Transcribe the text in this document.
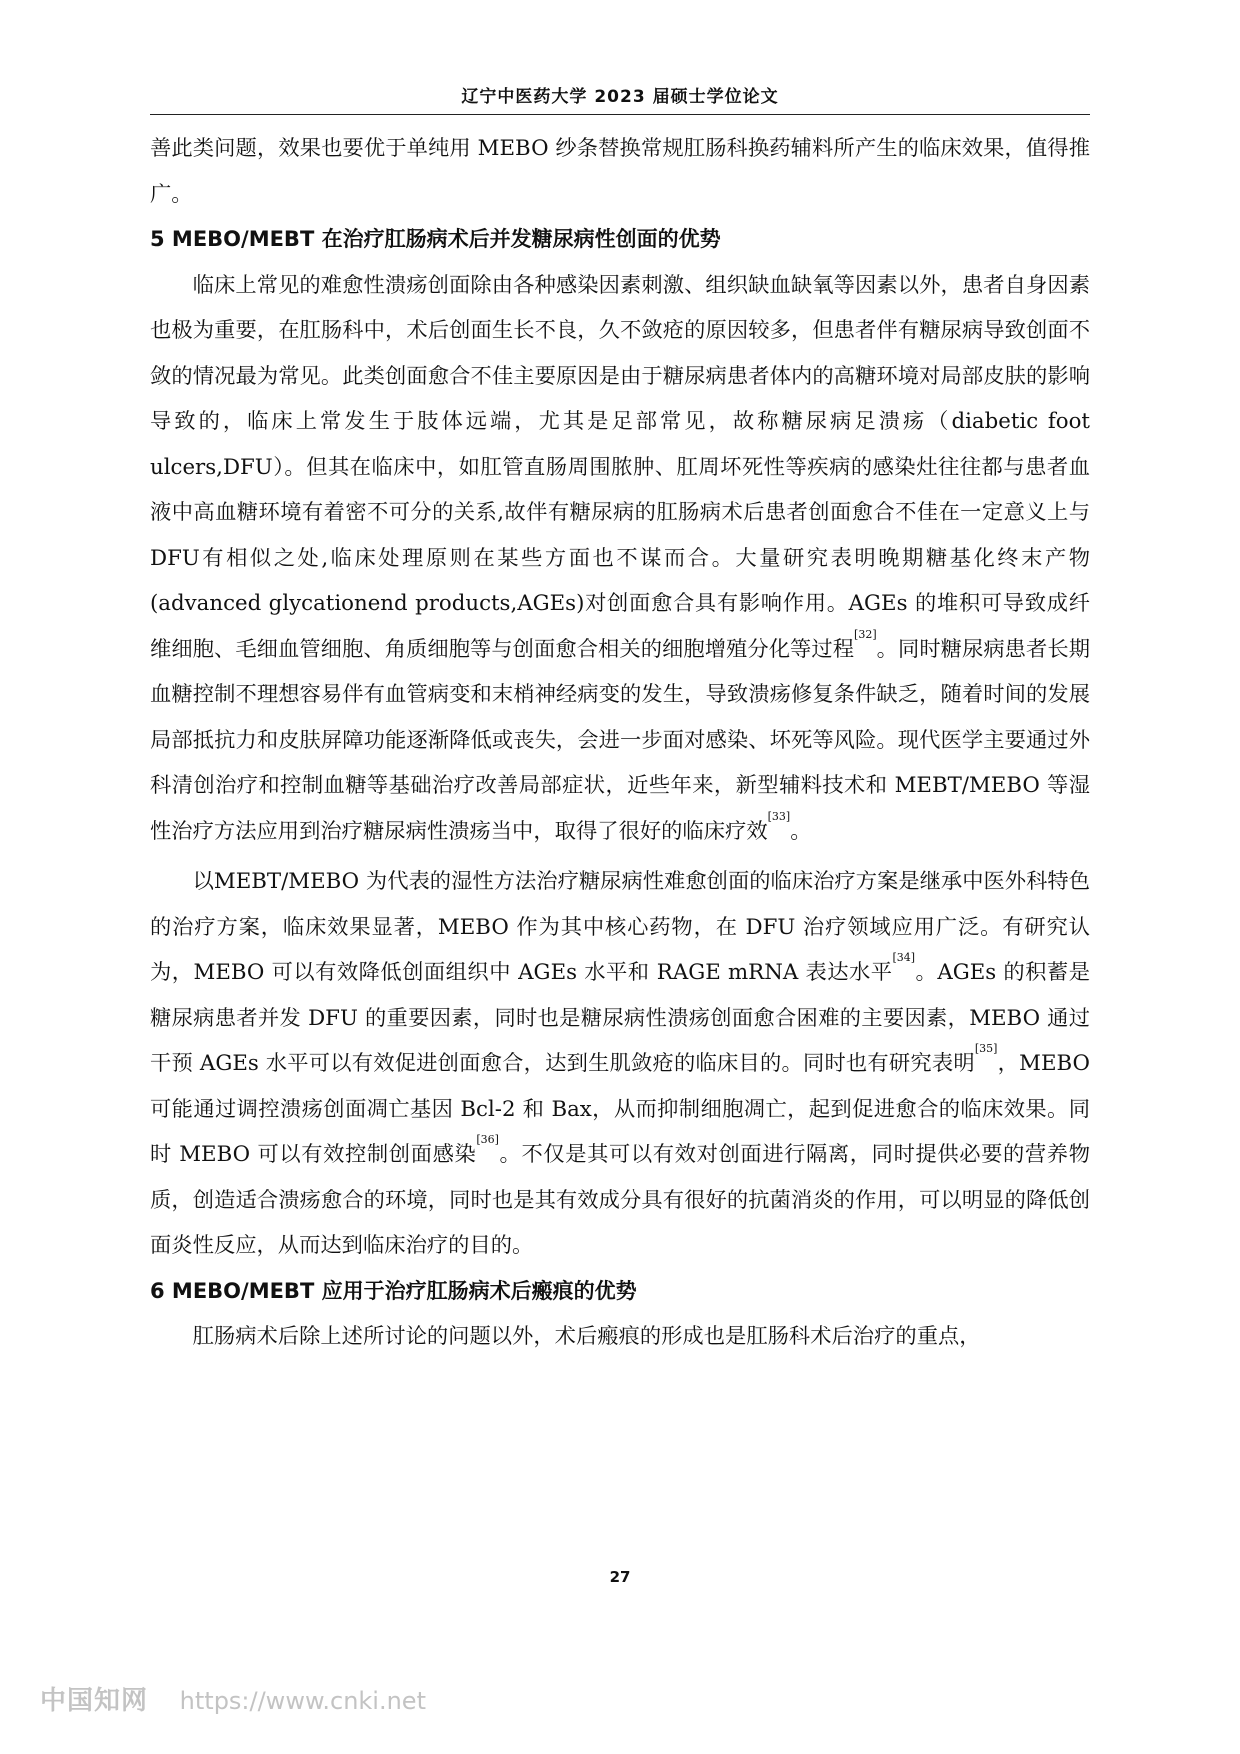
辽宁中医药大学 2023 届硕士学位论文

善此类问题，效果也要优于单纯用 MEBO 纱条替换常规肛肠科换药辅料所产生的临床效果，值得推广。

5 MEBO/MEBT 在治疗肛肠病术后并发糖尿病性创面的优势

临床上常见的难愈性溃疡创面除由各种感染因素刺激、组织缺血缺氧等因素以外，患者自身因素也极为重要，在肛肠科中，术后创面生长不良，久不敛疮的原因较多，但患者伴有糖尿病导致创面不敛的情况最为常见。此类创面愈合不佳主要原因是由于糖尿病患者体内的高糖环境对局部皮肤的影响导致的，临床上常发生于肢体远端，尤其是足部常见，故称糖尿病足溃疡（diabetic foot ulcers,DFU）。但其在临床中，如肛管直肠周围脓肿、肛周坏死性等疾病的感染灶往往都与患者血液中高血糖环境有着密不可分的关系,故伴有糖尿病的肛肠病术后患者创面愈合不佳在一定意义上与DFU有相似之处,临床处理原则在某些方面也不谋而合。大量研究表明晚期糖基化终末产物(advanced glycationend products,AGEs)对创面愈合具有影响作用。AGEs 的堆积可导致成纤维细胞、毛细血管细胞、角质细胞等与创面愈合相关的细胞增殖分化等过程[32]。同时糖尿病患者长期血糖控制不理想容易伴有血管病变和末梢神经病变的发生，导致溃疡修复条件缺乏，随着时间的发展局部抵抗力和皮肤屏障功能逐渐降低或丧失，会进一步面对感染、坏死等风险。现代医学主要通过外科清创治疗和控制血糖等基础治疗改善局部症状，近些年来，新型辅料技术和 MEBT/MEBO 等湿性治疗方法应用到治疗糖尿病性溃疡当中，取得了很好的临床疗效[33]。

以MEBT/MEBO 为代表的湿性方法治疗糖尿病性难愈创面的临床治疗方案是继承中医外科特色的治疗方案，临床效果显著，MEBO 作为其中核心药物，在 DFU 治疗领域应用广泛。有研究认为，MEBO 可以有效降低创面组织中 AGEs 水平和 RAGE mRNA 表达水平[34]。AGEs 的积蓄是糖尿病患者并发 DFU 的重要因素，同时也是糖尿病性溃疡创面愈合困难的主要因素，MEBO 通过干预 AGEs 水平可以有效促进创面愈合，达到生肌敛疮的临床目的。同时也有研究表明[35]，MEBO 可能通过调控溃疡创面凋亡基因 Bcl-2 和 Bax，从而抑制细胞凋亡，起到促进愈合的临床效果。同时 MEBO 可以有效控制创面感染[36]。不仅是其可以有效对创面进行隔离，同时提供必要的营养物质，创造适合溃疡愈合的环境，同时也是其有效成分具有很好的抗菌消炎的作用，可以明显的降低创面炎性反应，从而达到临床治疗的目的。

6 MEBO/MEBT 应用于治疗肛肠病术后瘢痕的优势

肛肠病术后除上述所讨论的问题以外，术后瘢痕的形成也是肛肠科术后治疗的重点，

27
中国知网 https://www.cnki.net
